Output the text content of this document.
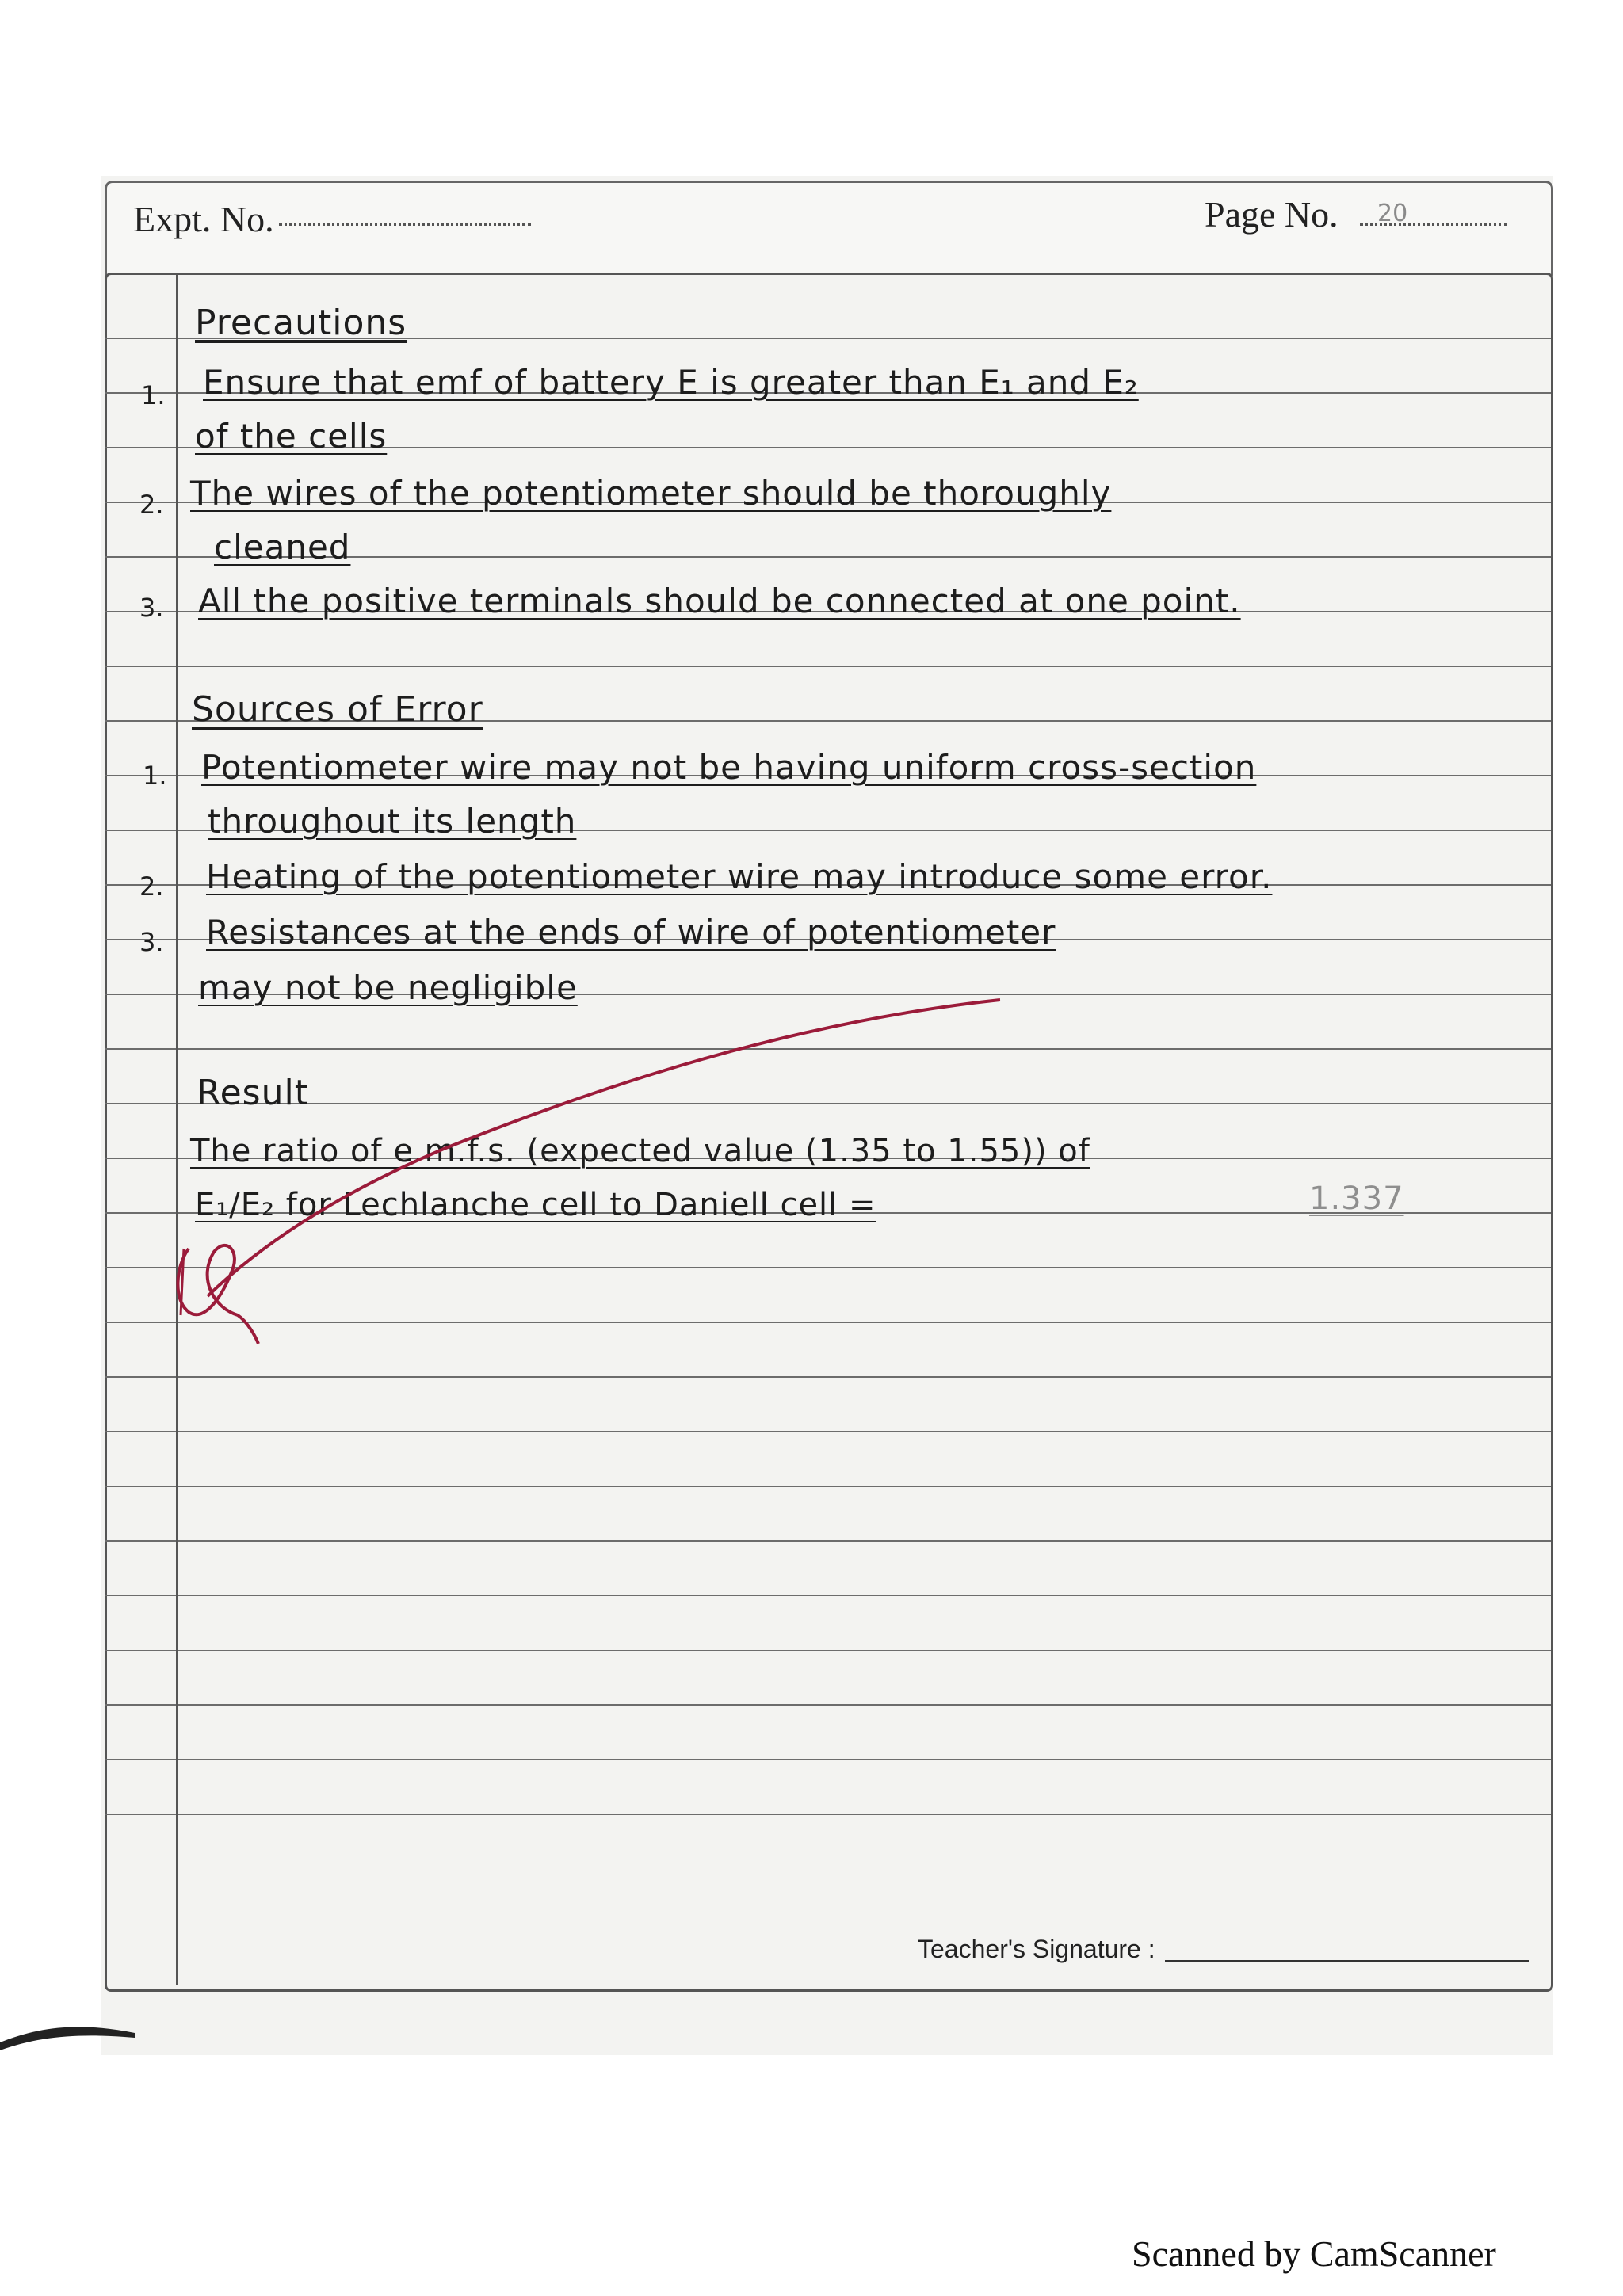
Expt. No.	Page No. 20
Precautions
1. Ensure that emf of battery E is greater than E₁ and E₂
of the cells
2. The wires of the potentiometer should be thoroughly
cleaned
3. All the positive terminals should be connected at one point.
Sources of Error
1. Potentiometer wire may not be having uniform cross-section
throughout its length
2. Heating of the potentiometer wire may introduce some error.
3. Resistances at the ends of wire of potentiometer
may not be negligible
Result
The ratio of e.m.f.s. (expected value (1.35 to 1.55)) of
E₁/E₂ for Lechlanche cell to Daniell cell =	1.337
Teacher's Signature :
Scanned by CamScanner
